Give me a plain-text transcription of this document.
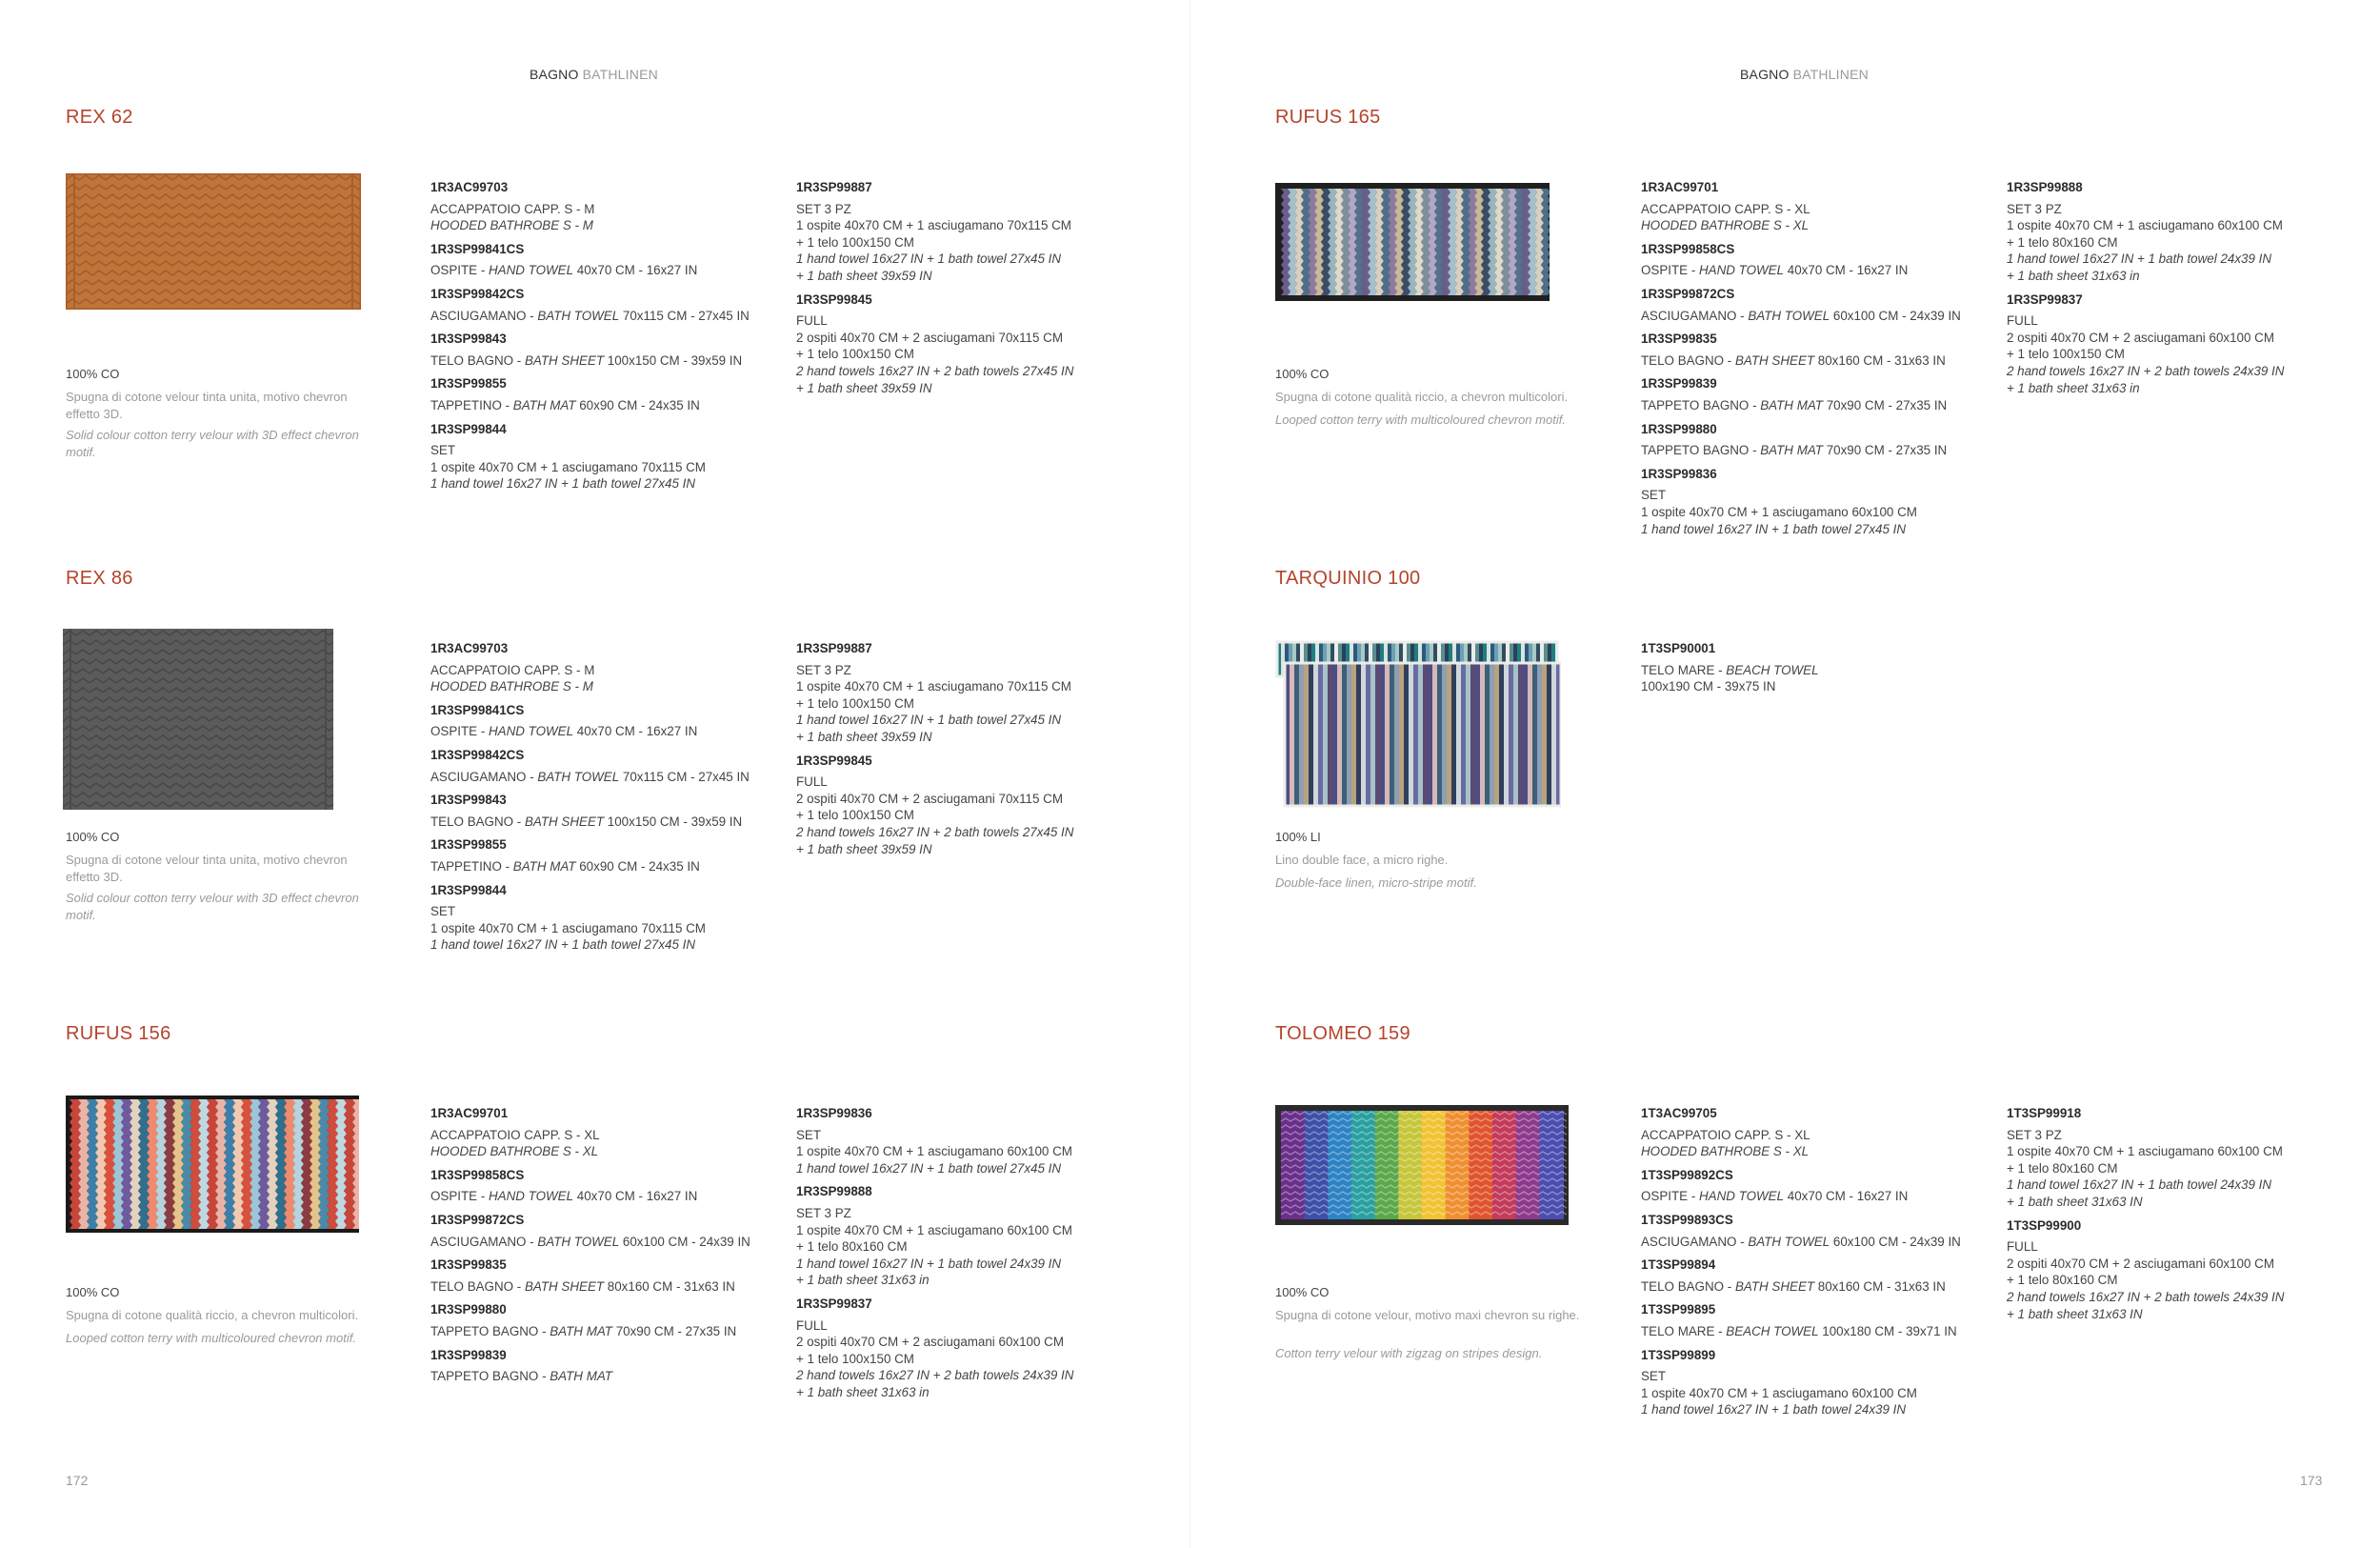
BAGNO BATHLINEN
REX 62
100% CO
Spugna di cotone velour tinta unita, motivo chevron effetto 3D.
Solid colour cotton terry velour with 3D effect chevron motif.
1R3AC99703
ACCAPPATOIO CAPP. S - M
HOODED BATHROBE S - M
1R3SP99841CS
OSPITE - HAND TOWEL 40x70 CM - 16x27 IN
1R3SP99842CS
ASCIUGAMANO - BATH TOWEL 70x115 CM - 27x45 IN
1R3SP99843
TELO BAGNO - BATH SHEET 100x150 CM - 39x59 IN
1R3SP99855
TAPPETINO - BATH MAT 60x90 CM - 24x35 IN
1R3SP99844
SET
1 ospite 40x70 CM + 1 asciugamano 70x115 CM
1 hand towel 16x27 IN + 1 bath towel 27x45 IN
1R3SP99887
SET 3 PZ
1 ospite 40x70 CM + 1 asciugamano 70x115 CM
+ 1 telo 100x150 CM
1 hand towel 16x27 IN + 1 bath towel 27x45 IN
+ 1 bath sheet 39x59 IN
1R3SP99845
FULL
2 ospiti 40x70 CM + 2 asciugamani 70x115 CM
+ 1 telo 100x150 CM
2 hand towels 16x27 IN + 2 bath towels 27x45 IN
+ 1 bath sheet 39x59 IN
REX 86
100% CO
Spugna di cotone velour tinta unita, motivo chevron effetto 3D.
Solid colour cotton terry velour with 3D effect chevron motif.
1R3AC99703
ACCAPPATOIO CAPP. S - M
HOODED BATHROBE S - M
1R3SP99841CS
OSPITE - HAND TOWEL 40x70 CM - 16x27 IN
1R3SP99842CS
ASCIUGAMANO - BATH TOWEL 70x115 CM - 27x45 IN
1R3SP99843
TELO BAGNO - BATH SHEET 100x150 CM - 39x59 IN
1R3SP99855
TAPPETINO - BATH MAT 60x90 CM - 24x35 IN
1R3SP99844
SET
1 ospite 40x70 CM + 1 asciugamano 70x115 CM
1 hand towel 16x27 IN + 1 bath towel 27x45 IN
1R3SP99887
SET 3 PZ
1 ospite 40x70 CM + 1 asciugamano 70x115 CM
+ 1 telo 100x150 CM
1 hand towel 16x27 IN + 1 bath towel 27x45 IN
+ 1 bath sheet 39x59 IN
1R3SP99845
FULL
2 ospiti 40x70 CM + 2 asciugamani 70x115 CM
+ 1 telo 100x150 CM
2 hand towels 16x27 IN + 2 bath towels 27x45 IN
+ 1 bath sheet 39x59 IN
RUFUS 156
100% CO
Spugna di cotone qualità riccio, a chevron multicolori.
Looped cotton terry with multicoloured chevron motif.
1R3AC99701
ACCAPPATOIO CAPP. S - XL
HOODED BATHROBE S - XL
1R3SP99858CS
OSPITE - HAND TOWEL 40x70 CM - 16x27 IN
1R3SP99872CS
ASCIUGAMANO - BATH TOWEL 60x100 CM - 24x39 IN
1R3SP99835
TELO BAGNO - BATH SHEET 80x160 CM - 31x63 IN
1R3SP99880
TAPPETO BAGNO - BATH MAT 70x90 CM - 27x35 IN
1R3SP99839
TAPPETO BAGNO - BATH MAT
1R3SP99836
SET
1 ospite 40x70 CM + 1 asciugamano 60x100 CM
1 hand towel 16x27 IN + 1 bath towel 27x45 IN
1R3SP99888
SET 3 PZ
1 ospite 40x70 CM + 1 asciugamano 60x100 CM
+ 1 telo 80x160 CM
1 hand towel 16x27 IN + 1 bath towel 24x39 IN
+ 1 bath sheet 31x63 in
1R3SP99837
FULL
2 ospiti 40x70 CM + 2 asciugamani 60x100 CM
+ 1 telo 100x150 CM
2 hand towels 16x27 IN + 2 bath towels 24x39 IN
+ 1 bath sheet 31x63 in
172
BAGNO BATHLINEN
RUFUS 165
100% CO
Spugna di cotone qualità riccio, a chevron multicolori.
Looped cotton terry with multicoloured chevron motif.
1R3AC99701
ACCAPPATOIO CAPP. S - XL
HOODED BATHROBE S - XL
1R3SP99858CS
OSPITE - HAND TOWEL 40x70 CM - 16x27 IN
1R3SP99872CS
ASCIUGAMANO - BATH TOWEL 60x100 CM - 24x39 IN
1R3SP99835
TELO BAGNO - BATH SHEET 80x160 CM - 31x63 IN
1R3SP99839
TAPPETO BAGNO - BATH MAT 70x90 CM - 27x35 IN
1R3SP99880
TAPPETO BAGNO - BATH MAT 70x90 CM - 27x35 IN
1R3SP99836
SET
1 ospite 40x70 CM + 1 asciugamano 60x100 CM
1 hand towel 16x27 IN + 1 bath towel 27x45 IN
1R3SP99888
SET 3 PZ
1 ospite 40x70 CM + 1 asciugamano 60x100 CM
+ 1 telo 80x160 CM
1 hand towel 16x27 IN + 1 bath towel 24x39 IN
+ 1 bath sheet 31x63 in
1R3SP99837
FULL
2 ospiti 40x70 CM + 2 asciugamani 60x100 CM
+ 1 telo 100x150 CM
2 hand towels 16x27 IN + 2 bath towels 24x39 IN
+ 1 bath sheet 31x63 in
TARQUINIO 100
100% LI
Lino double face, a micro righe.
Double-face linen, micro-stripe motif.
1T3SP90001
TELO MARE - BEACH TOWEL
100x190 CM - 39x75 IN
TOLOMEO 159
100% CO
Spugna di cotone velour, motivo maxi chevron su righe.
Cotton terry velour with zigzag on stripes design.
1T3AC99705
ACCAPPATOIO CAPP. S - XL
HOODED BATHROBE S - XL
1T3SP99892CS
OSPITE - HAND TOWEL 40x70 CM - 16x27 IN
1T3SP99893CS
ASCIUGAMANO - BATH TOWEL 60x100 CM - 24x39 IN
1T3SP99894
TELO BAGNO - BATH SHEET 80x160 CM - 31x63 IN
1T3SP99895
TELO MARE - BEACH TOWEL 100x180 CM - 39x71 IN
1T3SP99899
SET
1 ospite 40x70 CM + 1 asciugamano 60x100 CM
1 hand towel 16x27 IN + 1 bath towel 24x39 IN
1T3SP99918
SET 3 PZ
1 ospite 40x70 CM + 1 asciugamano 60x100 CM
+ 1 telo 80x160 CM
1 hand towel 16x27 IN + 1 bath towel 24x39 IN
+ 1 bath sheet 31x63 IN
1T3SP99900
FULL
2 ospiti 40x70 CM + 2 asciugamani 60x100 CM
+ 1 telo 80x160 CM
2 hand towels 16x27 IN + 2 bath towels 24x39 IN
+ 1 bath sheet 31x63 IN
173
